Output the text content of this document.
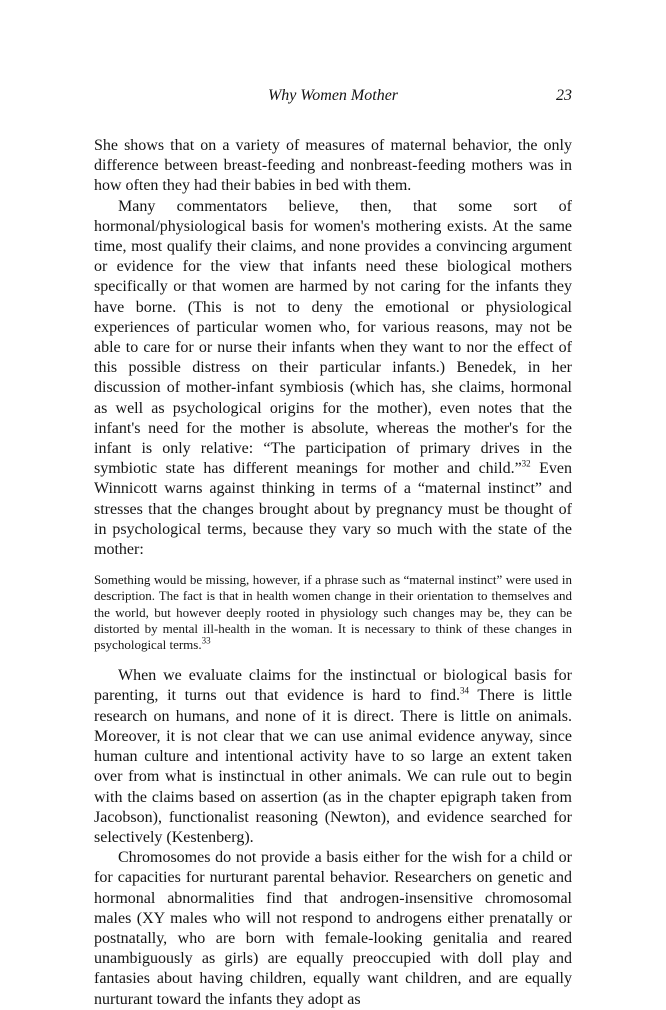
Why Women Mother	23

She shows that on a variety of measures of maternal behavior, the only difference between breast-feeding and nonbreast-feeding mothers was in how often they had their babies in bed with them.

Many commentators believe, then, that some sort of hormonal/physiological basis for women's mothering exists. At the same time, most qualify their claims, and none provides a convincing argument or evidence for the view that infants need these biological mothers specifically or that women are harmed by not caring for the infants they have borne. (This is not to deny the emotional or physiological experiences of particular women who, for various reasons, may not be able to care for or nurse their infants when they want to nor the effect of this possible distress on their particular infants.) Benedek, in her discussion of mother-infant symbiosis (which has, she claims, hormonal as well as psychological origins for the mother), even notes that the infant's need for the mother is absolute, whereas the mother's for the infant is only relative: “The participation of primary drives in the symbiotic state has different meanings for mother and child.”$^{32}$ Even Winnicott warns against thinking in terms of a “maternal instinct” and stresses that the changes brought about by pregnancy must be thought of in psychological terms, because they vary so much with the state of the mother:

Something would be missing, however, if a phrase such as “maternal instinct” were used in description. The fact is that in health women change in their orientation to themselves and the world, but however deeply rooted in physiology such changes may be, they can be distorted by mental ill-health in the woman. It is necessary to think of these changes in psychological terms.$^{33}$

When we evaluate claims for the instinctual or biological basis for parenting, it turns out that evidence is hard to find.$^{34}$ There is little research on humans, and none of it is direct. There is little on animals. Moreover, it is not clear that we can use animal evidence anyway, since human culture and intentional activity have to so large an extent taken over from what is instinctual in other animals. We can rule out to begin with the claims based on assertion (as in the chapter epigraph taken from Jacobson), functionalist reasoning (Newton), and evidence searched for selectively (Kestenberg).

Chromosomes do not provide a basis either for the wish for a child or for capacities for nurturant parental behavior. Researchers on genetic and hormonal abnormalities find that androgen-insensitive chromosomal males (XY males who will not respond to androgens either prenatally or postnatally, who are born with female-looking genitalia and reared unambiguously as girls) are equally preoccupied with doll play and fantasies about having children, equally want children, and are equally nurturant toward the infants they adopt as
